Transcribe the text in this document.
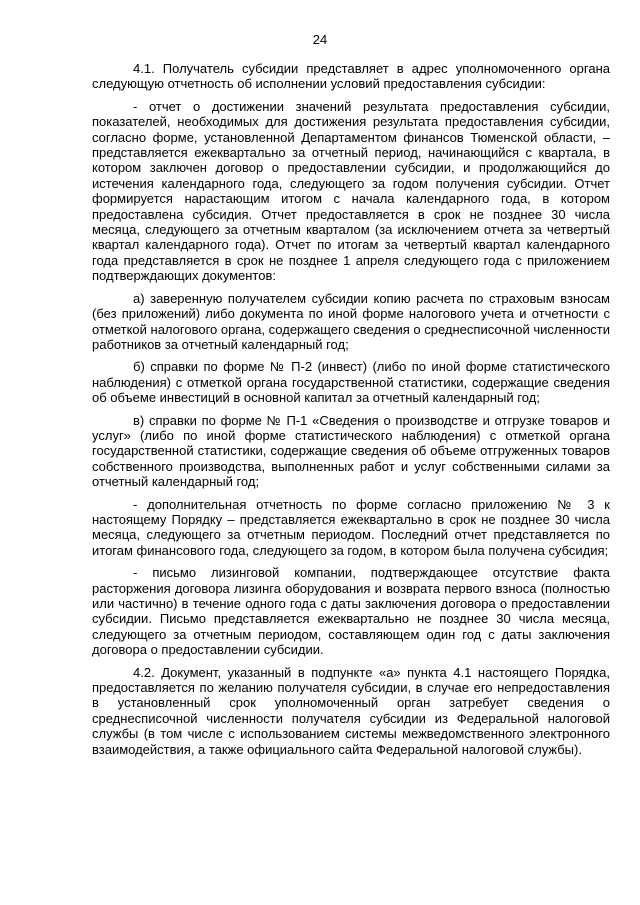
24

4.1. Получатель субсидии представляет в адрес уполномоченного органа следующую отчетность об исполнении условий предоставления субсидии:

- отчет о достижении значений результата предоставления субсидии, показателей, необходимых для достижения результата предоставления субсидии, согласно форме, установленной Департаментом финансов Тюменской области, – представляется ежеквартально за отчетный период, начинающийся с квартала, в котором заключен договор о предоставлении субсидии, и продолжающийся до истечения календарного года, следующего за годом получения субсидии. Отчет формируется нарастающим итогом с начала календарного года, в котором предоставлена субсидия. Отчет предоставляется в срок не позднее 30 числа месяца, следующего за отчетным кварталом (за исключением отчета за четвертый квартал календарного года). Отчет по итогам за четвертый квартал календарного года представляется в срок не позднее 1 апреля следующего года с приложением подтверждающих документов:

а) заверенную получателем субсидии копию расчета по страховым взносам (без приложений) либо документа по иной форме налогового учета и отчетности с отметкой налогового органа, содержащего сведения о среднесписочной численности работников за отчетный календарный год;

б) справки по форме № П-2 (инвест) (либо по иной форме статистического наблюдения) с отметкой органа государственной статистики, содержащие сведения об объеме инвестиций в основной капитал за отчетный календарный год;

в) справки по форме № П-1 «Сведения о производстве и отгрузке товаров и услуг» (либо по иной форме статистического наблюдения) с отметкой органа государственной статистики, содержащие сведения об объеме отгруженных товаров собственного производства, выполненных работ и услуг собственными силами за отчетный календарный год;

- дополнительная отчетность по форме согласно приложению № 3 к настоящему Порядку – представляется ежеквартально в срок не позднее 30 числа месяца, следующего за отчетным периодом. Последний отчет представляется по итогам финансового года, следующего за годом, в котором была получена субсидия;

- письмо лизинговой компании, подтверждающее отсутствие факта расторжения договора лизинга оборудования и возврата первого взноса (полностью или частично) в течение одного года с даты заключения договора о предоставлении субсидии. Письмо представляется ежеквартально не позднее 30 числа месяца, следующего за отчетным периодом, составляющем один год с даты заключения договора о предоставлении субсидии.

4.2. Документ, указанный в подпункте «а» пункта 4.1 настоящего Порядка, предоставляется по желанию получателя субсидии, в случае его непредоставления в установленный срок уполномоченный орган затребует сведения о среднесписочной численности получателя субсидии из Федеральной налоговой службы (в том числе с использованием системы межведомственного электронного взаимодействия, а также официального сайта Федеральной налоговой службы).
